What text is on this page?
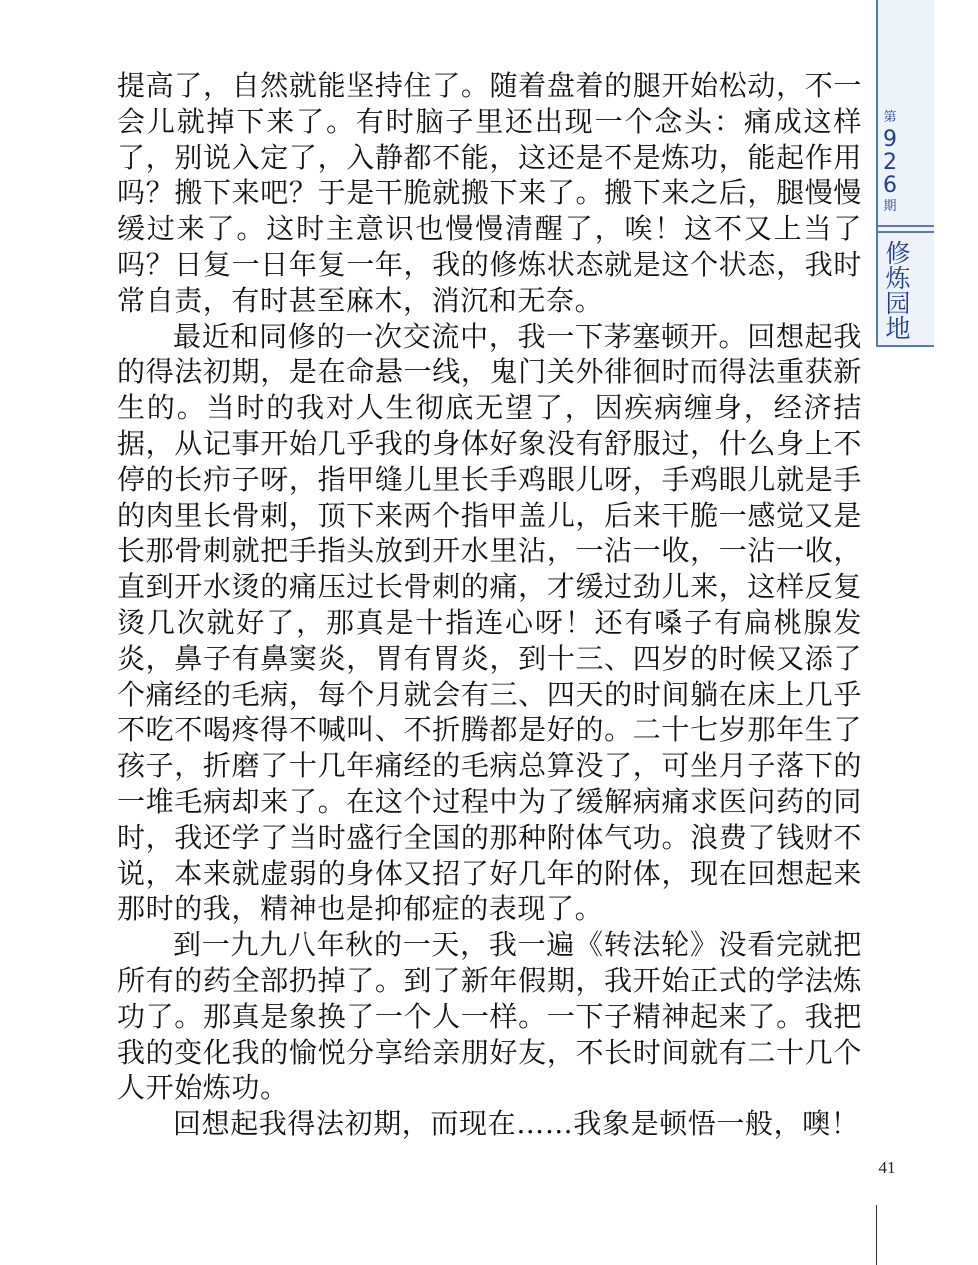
提高了，自然就能坚持住了。随着盘着的腿开始松动，不一会儿就掉下来了。有时脑子里还出现一个念头：痛成这样了，别说入定了，入静都不能，这还是不是炼功，能起作用吗？搬下来吧？于是干脆就搬下来了。搬下来之后，腿慢慢缓过来了。这时主意识也慢慢清醒了，唉！这不又上当了吗？日复一日年复一年，我的修炼状态就是这个状态，我时常自责，有时甚至麻木，消沉和无奈。

最近和同修的一次交流中，我一下茅塞顿开。回想起我的得法初期，是在命悬一线，鬼门关外徘徊时而得法重获新生的。当时的我对人生彻底无望了，因疾病缠身，经济拮据，从记事开始几乎我的身体好象没有舒服过，什么身上不停的长疖子呀，指甲缝儿里长手鸡眼儿呀，手鸡眼儿就是手的肉里长骨刺，顶下来两个指甲盖儿，后来干脆一感觉又是长那骨刺就把手指头放到开水里沾，一沾一收，一沾一收，直到开水烫的痛压过长骨刺的痛，才缓过劲儿来，这样反复烫几次就好了，那真是十指连心呀！还有嗓子有扁桃腺发炎，鼻子有鼻窦炎，胃有胃炎，到十三、四岁的时候又添了个痛经的毛病，每个月就会有三、四天的时间躺在床上几乎不吃不喝疼得不喊叫、不折腾都是好的。二十七岁那年生了孩子，折磨了十几年痛经的毛病总算没了，可坐月子落下的一堆毛病却来了。在这个过程中为了缓解病痛求医问药的同时，我还学了当时盛行全国的那种附体气功。浪费了钱财不说，本来就虚弱的身体又招了好几年的附体，现在回想起来那时的我，精神也是抑郁症的表现了。

到一九九八年秋的一天，我一遍《转法轮》没看完就把所有的药全部扔掉了。到了新年假期，我开始正式的学法炼功了。那真是象换了一个人一样。一下子精神起来了。我把我的变化我的愉悦分享给亲朋好友，不长时间就有二十几个人开始炼功。

回想起我得法初期，而现在……我象是顿悟一般，噢！

第
9
2
6
期
修炼园地
41
